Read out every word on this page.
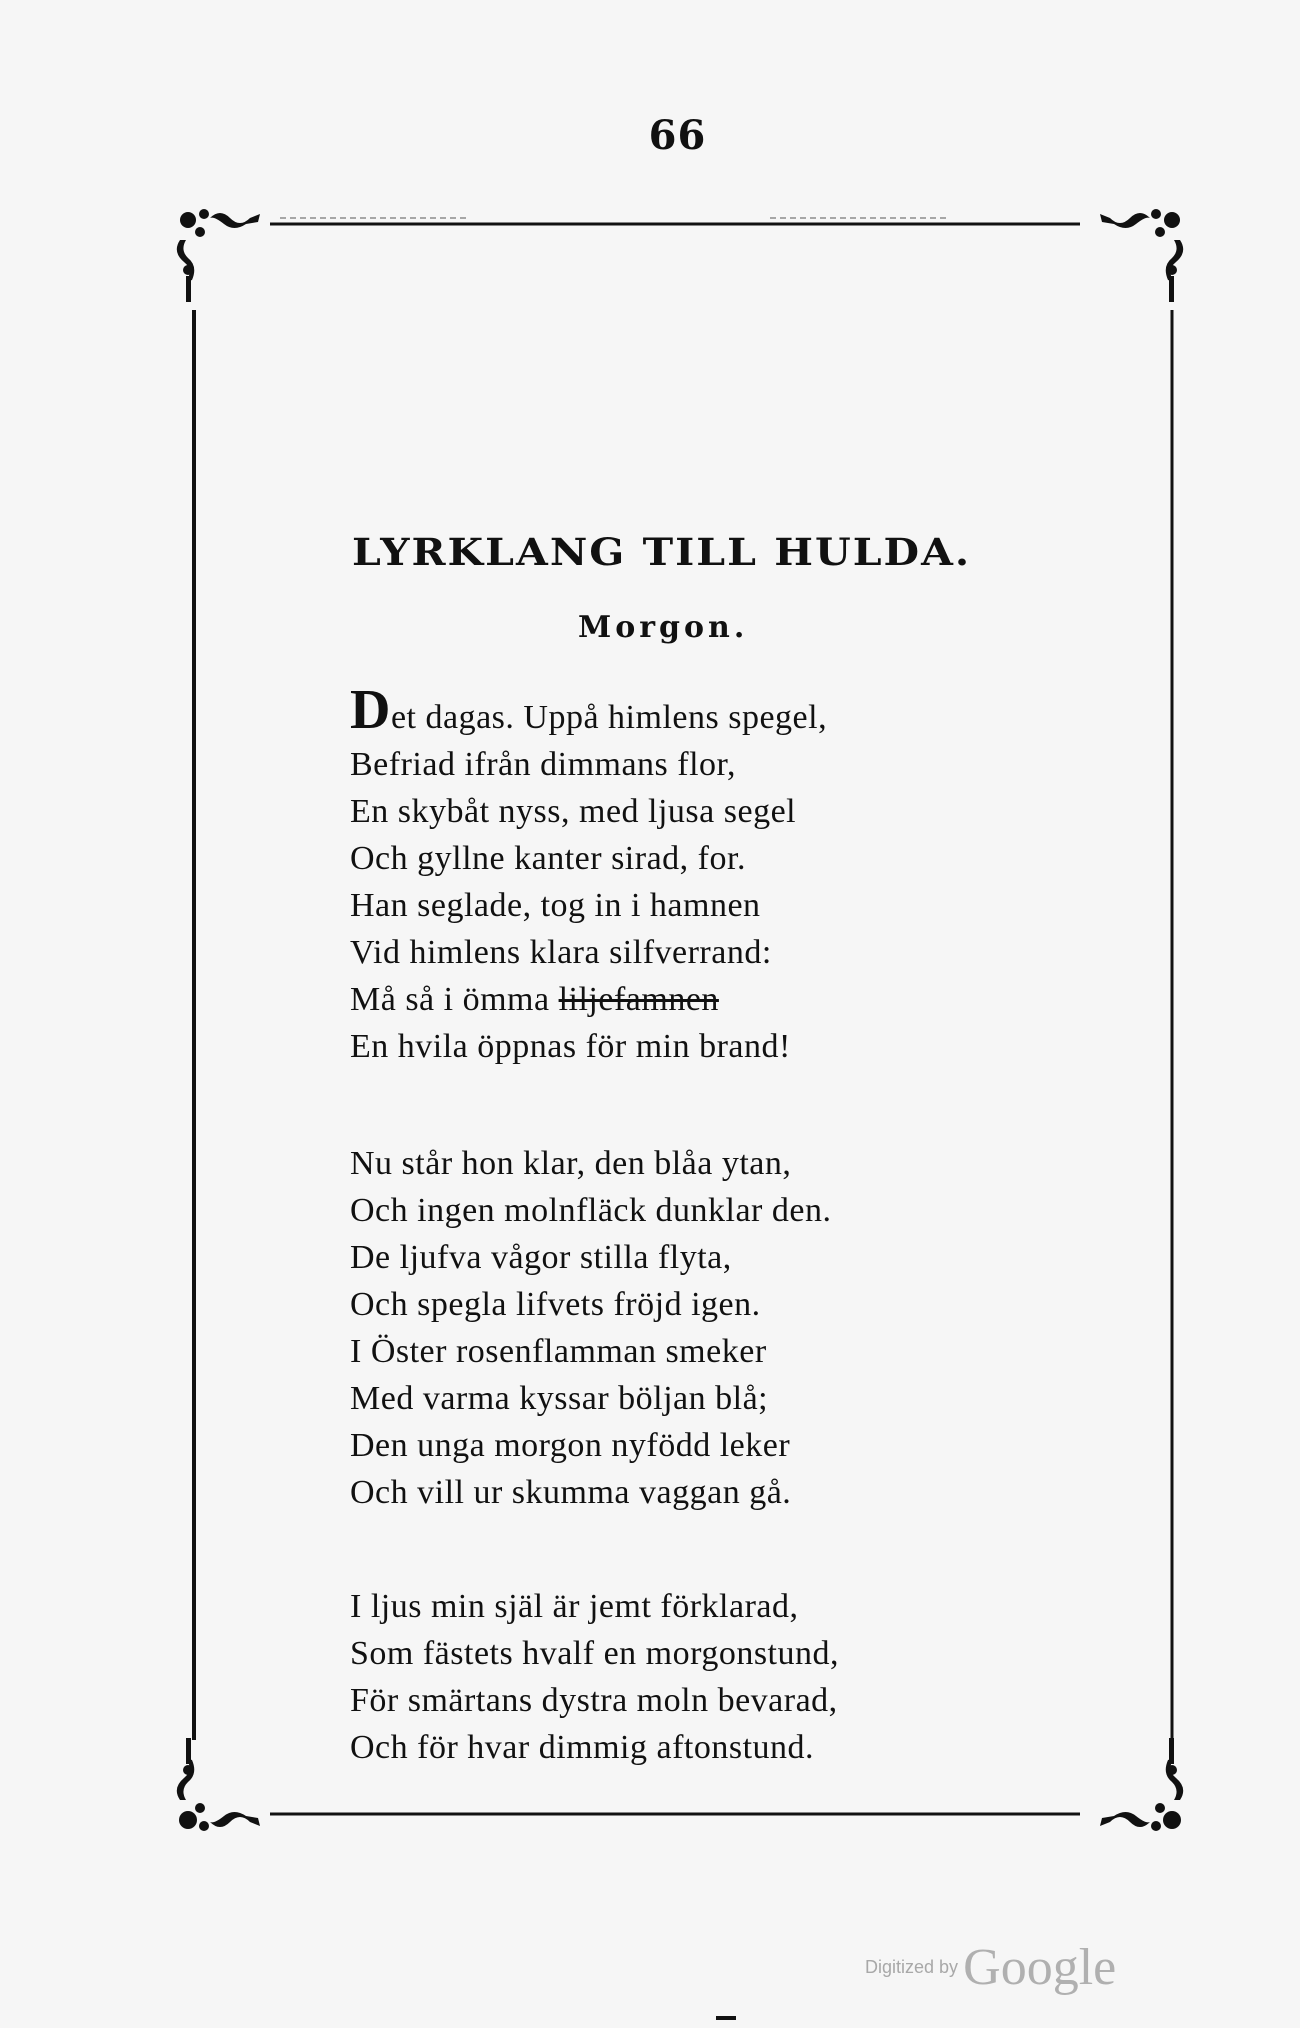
66
LYRKLANG TILL HULDA.
Morgon.
Det dagas. Uppå himlens spegel,
Befriad ifrån dimmans flor,
En skybåt nyss, med ljusa segel
Och gyllne kanter sirad, for.
Han seglade, tog in i hamnen
Vid himlens klara silfverrand:
Må så i ömma liljefamnen
En hvila öppnas för min brand!
Nu står hon klar, den blåa ytan,
Och ingen molnfläck dunklar den.
De ljufva vågor stilla flyta,
Och spegla lifvets fröjd igen.
I Öster rosenflamman smeker
Med varma kyssar böljan blå;
Den unga morgon nyfödd leker
Och vill ur skumma vaggan gå.
I ljus min själ är jemt förklarad,
Som fästets hvalf en morgonstund,
För smärtans dystra moln bevarad,
Och för hvar dimmig aftonstund.
Digitized by Google
